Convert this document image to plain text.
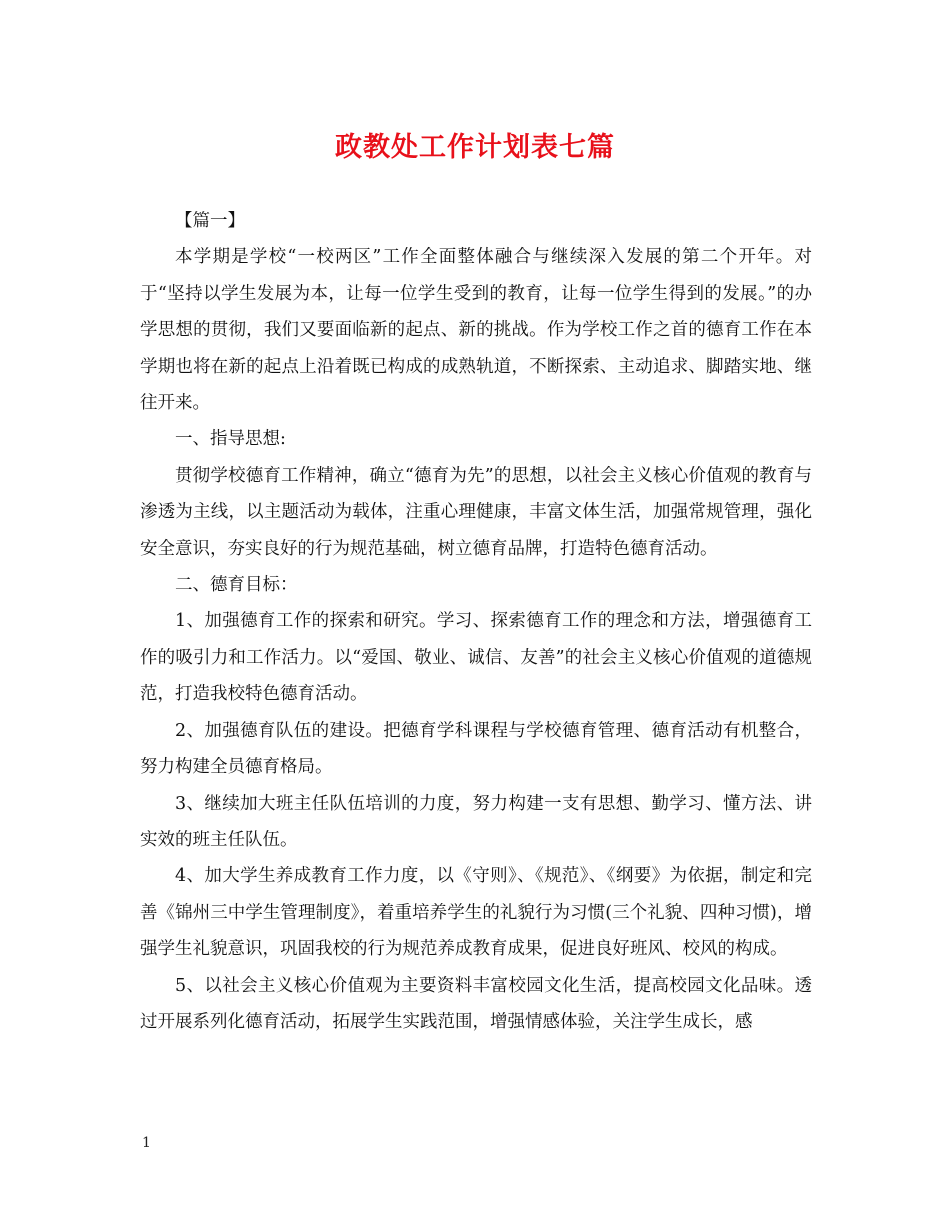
政教处工作计划表七篇

【篇一】

本学期是学校“一校两区”工作全面整体融合与继续深入发展的第二个开年。对于“坚持以学生发展为本，让每一位学生受到的教育，让每一位学生得到的发展。”的办学思想的贯彻，我们又要面临新的起点、新的挑战。作为学校工作之首的德育工作在本学期也将在新的起点上沿着既已构成的成熟轨道，不断探索、主动追求、脚踏实地、继往开来。

一、指导思想:

贯彻学校德育工作精神，确立“德育为先”的思想，以社会主义核心价值观的教育与渗透为主线，以主题活动为载体，注重心理健康，丰富文体生活，加强常规管理，强化安全意识，夯实良好的行为规范基础，树立德育品牌，打造特色德育活动。

二、德育目标：

1、加强德育工作的探索和研究。学习、探索德育工作的理念和方法，增强德育工作的吸引力和工作活力。以“爱国、敬业、诚信、友善”的社会主义核心价值观的道德规范，打造我校特色德育活动。

2、加强德育队伍的建设。把德育学科课程与学校德育管理、德育活动有机整合，努力构建全员德育格局。

3、继续加大班主任队伍培训的力度，努力构建一支有思想、勤学习、懂方法、讲实效的班主任队伍。

4、加大学生养成教育工作力度，以《守则》、《规范》、《纲要》为依据，制定和完善《锦州三中学生管理制度》，着重培养学生的礼貌行为习惯(三个礼貌、四种习惯)，增强学生礼貌意识，巩固我校的行为规范养成教育成果，促进良好班风、校风的构成。

5、以社会主义核心价值观为主要资料丰富校园文化生活，提高校园文化品味。透过开展系列化德育活动，拓展学生实践范围，增强情感体验，关注学生成长，感

1
